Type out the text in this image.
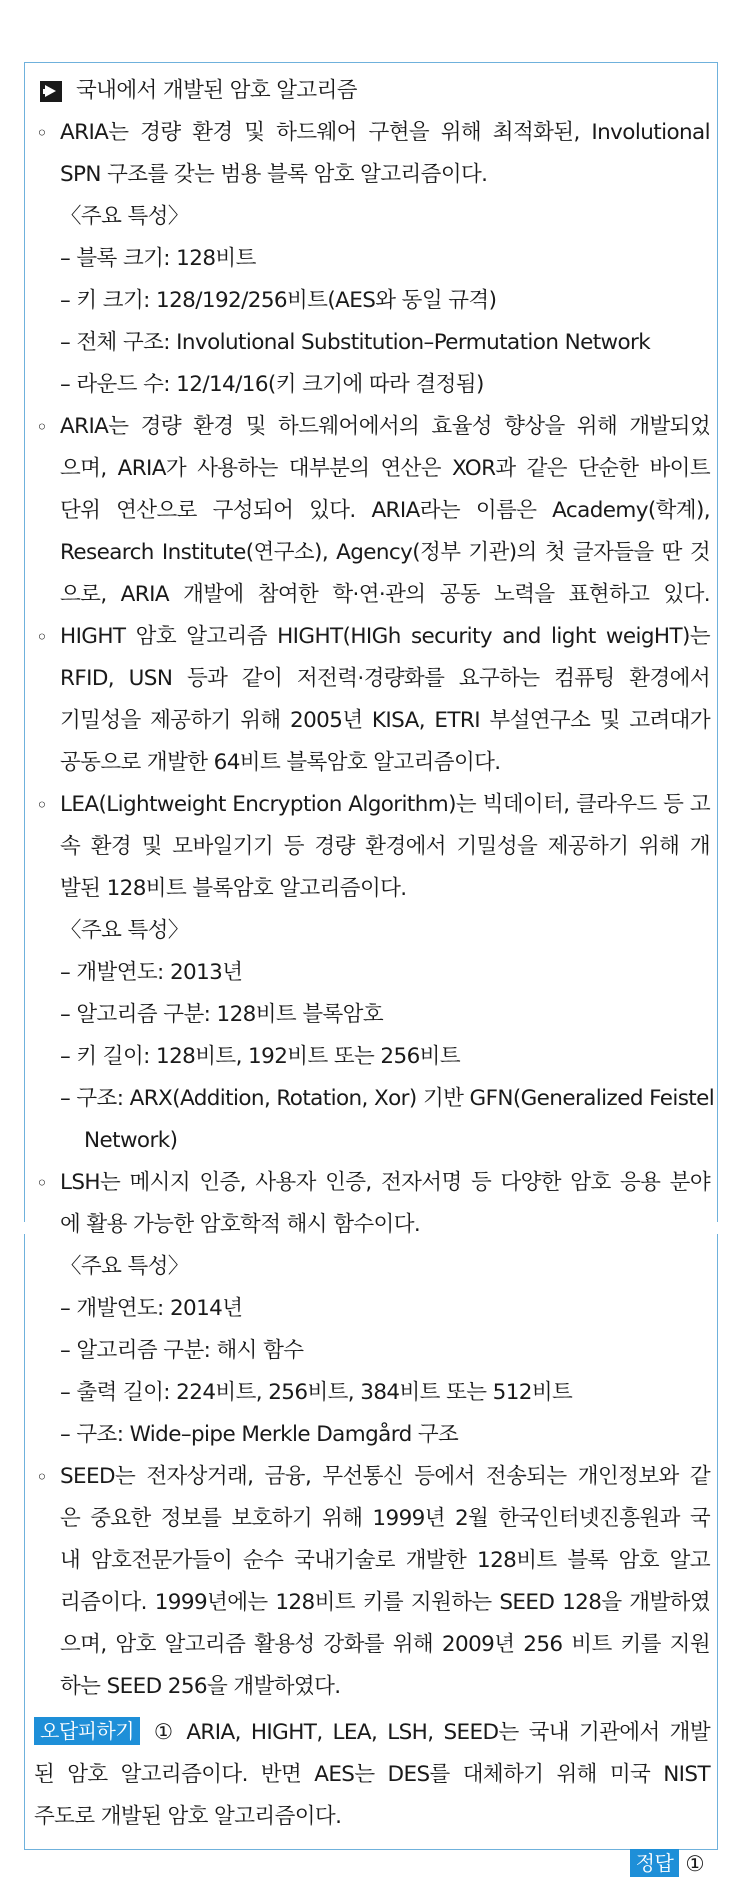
국내에서 개발된 암호 알고리즘
◦ ARIA는 경량 환경 및 하드웨어 구현을 위해 최적화된, Involutional
SPN 구조를 갖는 범용 블록 암호 알고리즘이다.
〈주요 특성〉
– 블록 크기: 128비트
– 키 크기: 128/192/256비트(AES와 동일 규격)
– 전체 구조: Involutional Substitution–Permutation Network
– 라운드 수: 12/14/16(키 크기에 따라 결정됨)
◦ ARIA는 경량 환경 및 하드웨어에서의 효율성 향상을 위해 개발되었
으며, ARIA가 사용하는 대부분의 연산은 XOR과 같은 단순한 바이트
단위 연산으로 구성되어 있다. ARIA라는 이름은 Academy(학계),
Research Institute(연구소), Agency(정부 기관)의 첫 글자들을 딴 것
으로, ARIA 개발에 참여한 학·연·관의 공동 노력을 표현하고 있다.
◦ HIGHT 암호 알고리즘 HIGHT(HIGh security and light weigHT)는
RFID, USN 등과 같이 저전력·경량화를 요구하는 컴퓨팅 환경에서
기밀성을 제공하기 위해 2005년 KISA, ETRI 부설연구소 및 고려대가
공동으로 개발한 64비트 블록암호 알고리즘이다.
◦ LEA(Lightweight Encryption Algorithm)는 빅데이터, 클라우드 등 고
속 환경 및 모바일기기 등 경량 환경에서 기밀성을 제공하기 위해 개
발된 128비트 블록암호 알고리즘이다.
〈주요 특성〉
– 개발연도: 2013년
– 알고리즘 구분: 128비트 블록암호
– 키 길이: 128비트, 192비트 또는 256비트
– 구조: ARX(Addition, Rotation, Xor) 기반 GFN(Generalized Feistel
Network)
◦ LSH는 메시지 인증, 사용자 인증, 전자서명 등 다양한 암호 응용 분야
에 활용 가능한 암호학적 해시 함수이다.
〈주요 특성〉
– 개발연도: 2014년
– 알고리즘 구분: 해시 함수
– 출력 길이: 224비트, 256비트, 384비트 또는 512비트
– 구조: Wide–pipe Merkle Damgård 구조
◦ SEED는 전자상거래, 금융, 무선통신 등에서 전송되는 개인정보와 같
은 중요한 정보를 보호하기 위해 1999년 2월 한국인터넷진흥원과 국
내 암호전문가들이 순수 국내기술로 개발한 128비트 블록 암호 알고
리즘이다. 1999년에는 128비트 키를 지원하는 SEED 128을 개발하였
으며, 암호 알고리즘 활용성 강화를 위해 2009년 256 비트 키를 지원
하는 SEED 256을 개발하였다.
오답피하기 ① ARIA, HIGHT, LEA, LSH, SEED는 국내 기관에서 개발
된 암호 알고리즘이다. 반면 AES는 DES를 대체하기 위해 미국 NIST
주도로 개발된 암호 알고리즘이다.
정답 ①
